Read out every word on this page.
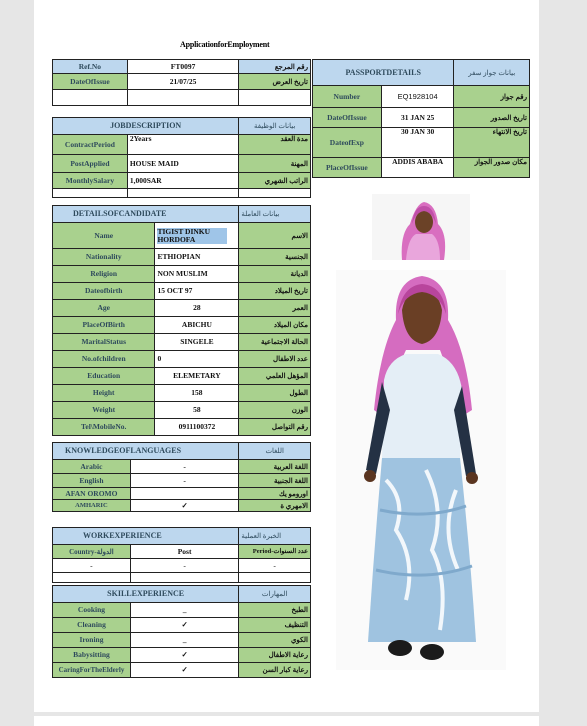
ApplicationforEmployment
Ref.No	FT0097	رقم المرجع
DateOfIssue	21/07/25	تاريخ العرض

JOBDESCRIPTION		بيانات الوظيفة
ContractPeriod	2Years	مدة العقد
PostApplied	HOUSE MAID	المهنة
MonthlySalary	1,000SAR	الراتب الشهري

PASSPORTDETAILS		بيانات جواز سفر
Number	EQ1928104	رقم جواز
DateOfIssue	31 JAN 25	تاريخ الصدور
DateofExp	30 JAN 30	تاريخ الانتهاء
PlaceOfIssue	ADDIS ABABA	مكان صدور الجواز
DETAILSOFCANDIDATE		بيانات العاملة
Name	TIGIST DINKU HORDOFA	الاسم
Nationality	ETHIOPIAN	الجنسية
Religion	NON MUSLIM	الديانة
Dateofbirth	15 OCT 97	تاريخ الميلاد
Age	28	العمر
PlaceOfBirth	ABICHU	مكان الميلاد
MaritalStatus	SINGELE	الحالة الاجتماعية
No.ofchildren	0	عدد الاطفال
Education	ELEMETARY	المؤهل العلمي
Height	158	الطول
Weight	58	الوزن
Tel\MobileNo.	0911100372	رقم التواصل
KNOWLEDGEOFLANGUAGES		اللغات
Arabic	-	اللغة العربية
English	-	اللغة الجنبية
AFAN OROMO		اورومو يك
AMHARIC	✓	الامهري ة

WORKEXPERIENCE		الخبرة العملية
Country-الدولة	Post	Period-عدد السنوات
-	-	-

SKILLEXPERIENCE		المهارات
Cooking	_	الطبخ
Cleaning	✓	التنظيف
Ironing	_	الكوي
Babysitting	✓	رعاية الاطفال
CaringForTheElderly	✓	رعاية كبار السن
